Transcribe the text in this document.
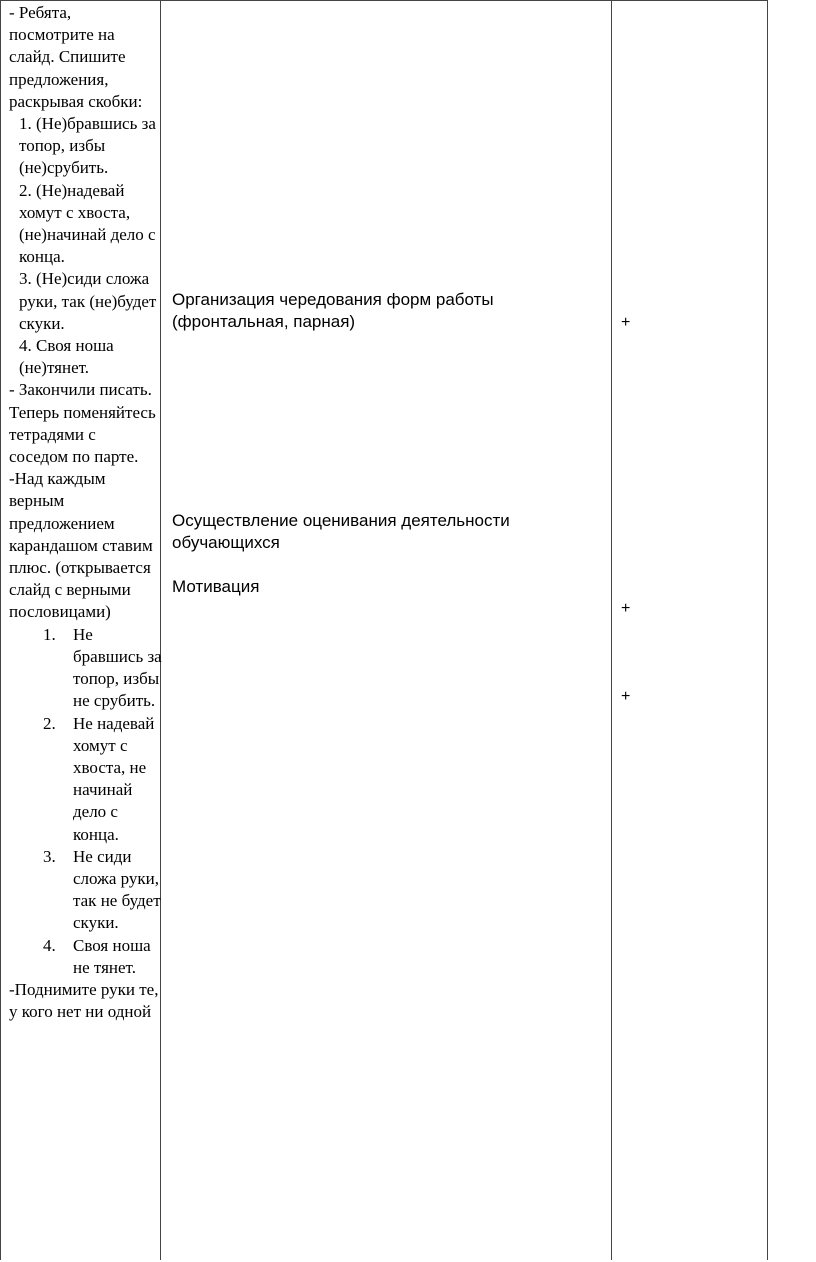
- Ребята, посмотрите на слайд. Спишите предложения, раскрывая скобки:

1. (Не)бравшись за топор, избы (не)срубить.

2. (Не)надевай хомут с хвоста, (не)начинай дело с конца.

3. (Не)сиди сложа руки, так (не)будет скуки.

4. Своя ноша (не)тянет.

- Закончили писать. Теперь поменяйтесь тетрадями с соседом по парте.

-Над каждым верным предложением карандашом ставим плюс. (открывается слайд с верными пословицами)

1. Не бравшись за топор, избы не срубить.
2. Не надевай хомут с хвоста, не начинай дело с конца.
3. Не сиди сложа руки, так не будет скуки.
4. Своя ноша не тянет.

-Поднимите руки те, у кого нет ни одной

Организация чередования форм работы (фронтальная, парная)
Осуществление оценивания деятельности обучающихся
Мотивация
+
+
+
